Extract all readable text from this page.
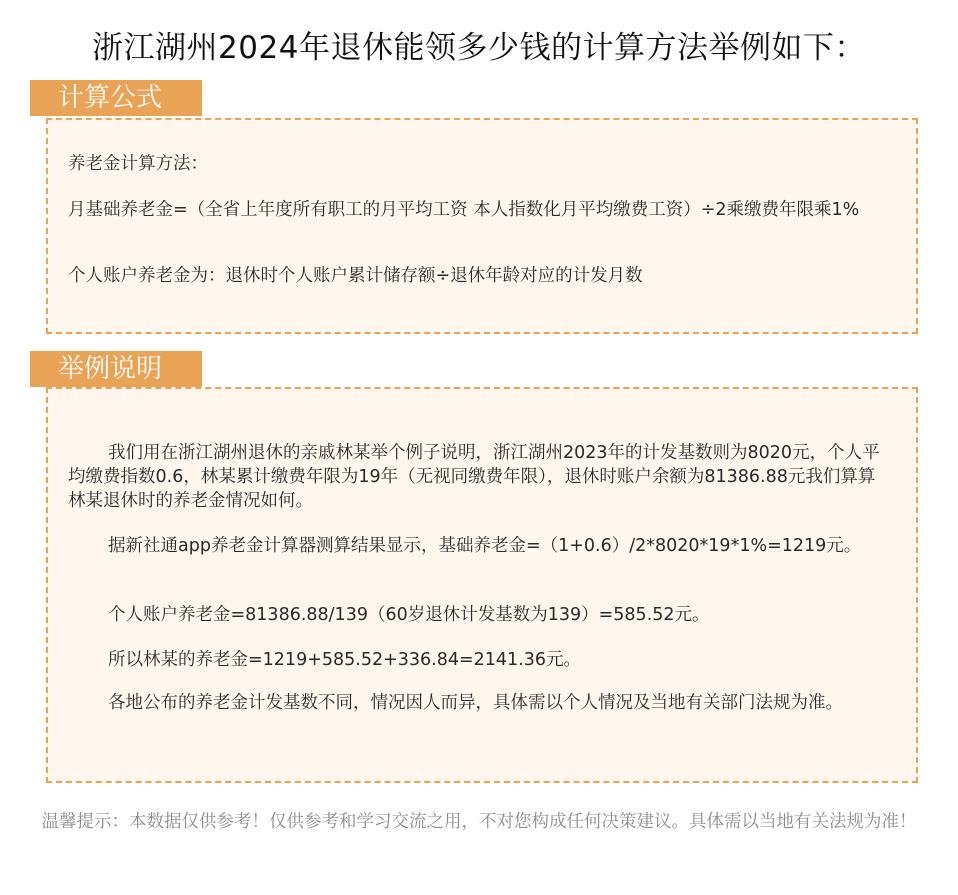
浙江湖州2024年退休能领多少钱的计算方法举例如下：
计算公式
养老金计算方法：
月基础养老金=（全省上年度所有职工的月平均工资 本人指数化月平均缴费工资）÷2乘缴费年限乘1%
个人账户养老金为：退休时个人账户累计储存额÷退休年龄对应的计发月数
举例说明
我们用在浙江湖州退休的亲戚林某举个例子说明，浙江湖州2023年的计发基数则为8020元，个人平均缴费指数0.6，林某累计缴费年限为19年（无视同缴费年限），退休时账户余额为81386.88元我们算算林某退休时的养老金情况如何。
据新社通app养老金计算器测算结果显示，基础养老金=（1+0.6）/2*8020*19*1%=1219元。
个人账户养老金=81386.88/139（60岁退休计发基数为139）=585.52元。
所以林某的养老金=1219+585.52+336.84=2141.36元。
各地公布的养老金计发基数不同，情况因人而异，具体需以个人情况及当地有关部门法规为准。
温馨提示：本数据仅供参考！仅供参考和学习交流之用，不对您构成任何决策建议。具体需以当地有关法规为准！
